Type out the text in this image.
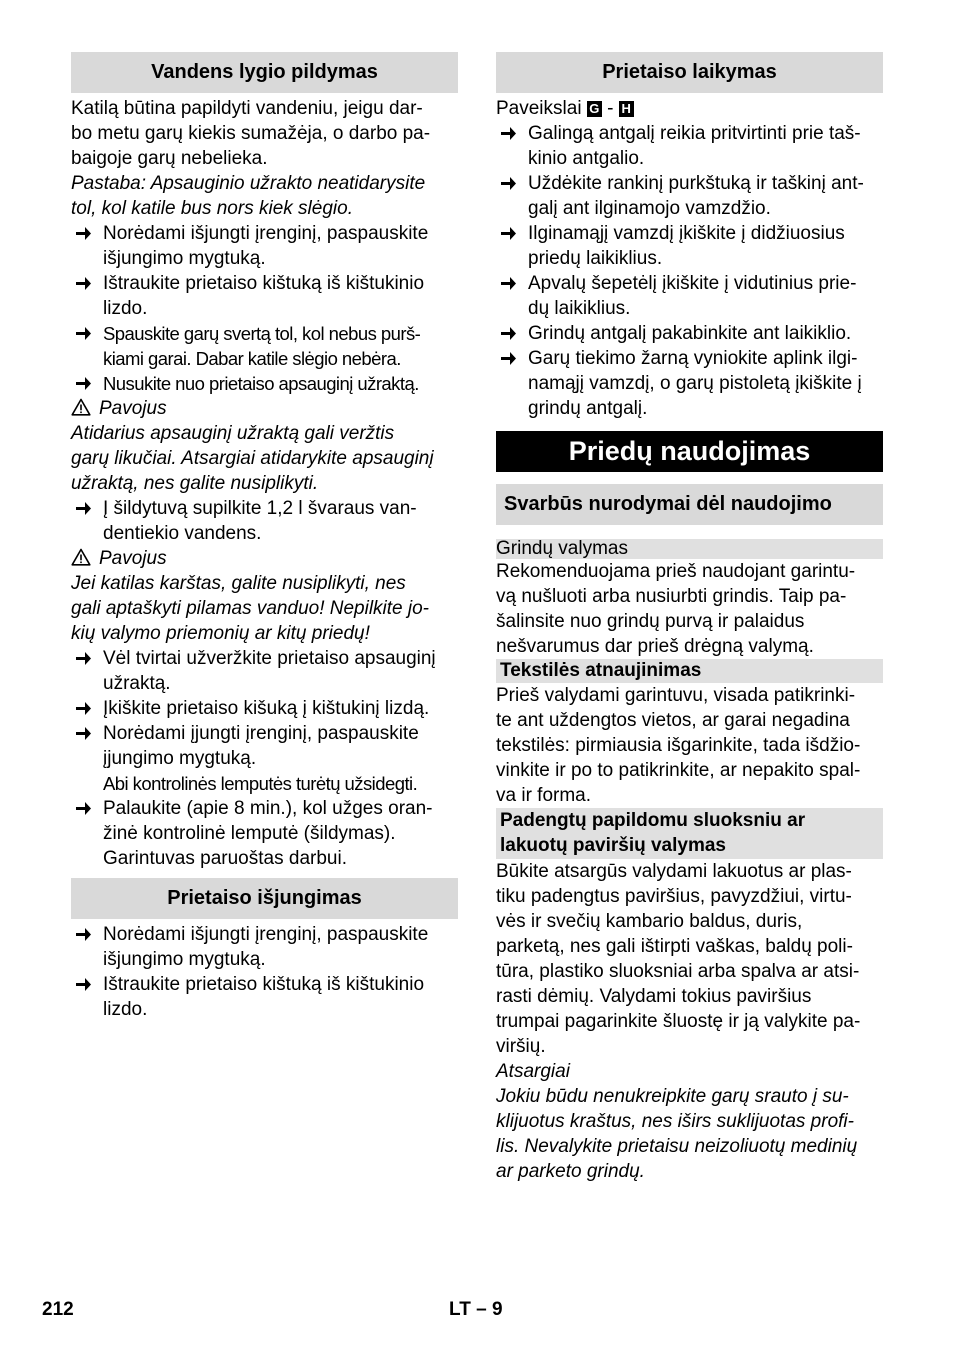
Vandens lygio pildymas

Katilą būtina papildyti vandeniu, jeigu dar-

bo metu garų kiekis sumažėja, o darbo pa-

baigoje garų nebelieka.

Pastaba: Apsauginio užrakto neatidarysite

tol, kol katile bus nors kiek slėgio.

Norėdami išjungti įrenginį, paspauskite
išjungimo mygtuką.
Ištraukite prietaiso kištuką iš kištukinio
lizdo.
Spauskite garų svertą tol, kol nebus purš-
kiami garai. Dabar katile slėgio nebėra.
Nusukite nuo prietaiso apsauginį užraktą.

Pavojus

Atidarius apsauginį užraktą gali veržtis

garų likučiai. Atsargiai atidarykite apsauginį

užraktą, nes galite nusiplikyti.

Į šildytuvą supilkite 1,2 l švaraus van-
dentiekio vandens.

Pavojus

Jei katilas karštas, galite nusiplikyti, nes

gali aptaškyti pilamas vanduo! Nepilkite jo-

kių valymo priemonių ar kitų priedų!

Vėl tvirtai užveržkite prietaiso apsauginį
užraktą.
Įkiškite prietaiso kišuką į kištukinį lizdą.
Norėdami įjungti įrenginį, paspauskite
įjungimo mygtuką.
Abi kontrolinės lemputės turėtų užsidegti.
Palaukite (apie 8 min.), kol užges oran-
žinė kontrolinė lemputė (šildymas).
Garintuvas paruoštas darbui.
Prietaiso išjungimas
Norėdami išjungti įrenginį, paspauskite
išjungimo mygtuką.
Ištraukite prietaiso kištuką iš kištukinio
lizdo.
Prietaiso laikymas

Paveikslai G - H

Galingą antgalį reikia pritvirtinti prie taš-
kinio antgalio.
Uždėkite rankinį purkštuką ir taškinį ant-
galį ant ilginamojo vamzdžio.
Ilginamąjį vamzdį įkiškite į didžiuosius
priedų laikiklius.
Apvalų šepetėlį įkiškite į vidutinius prie-
dų laikiklius.
Grindų antgalį pakabinkite ant laikiklio.
Garų tiekimo žarną vyniokite aplink ilgi-
namąjį vamzdį, o garų pistoletą įkiškite į
grindų antgalį.
Priedų naudojimas
Svarbūs nurodymai dėl naudojimo
Grindų valymas

Rekomenduojama prieš naudojant garintu-

vą nušluoti arba nusiurbti grindis. Taip pa-

šalinsite nuo grindų purvą ir palaidus

nešvarumus dar prieš drėgną valymą.

Tekstilės atnaujinimas

Prieš valydami garintuvu, visada patikrinki-

te ant uždengtos vietos, ar garai negadina

tekstilės: pirmiausia išgarinkite, tada išdžio-

vinkite ir po to patikrinkite, ar nepakito spal-

va ir forma.

Padengtų papildomu sluoksniu ar
lakuotų paviršių valymas

Būkite atsargūs valydami lakuotus ar plas-

tiku padengtus paviršius, pavyzdžiui, virtu-

vės ir svečių kambario baldus, duris,

parketą, nes gali ištirpti vaškas, baldų poli-

tūra, plastiko sluoksniai arba spalva ar atsi-

rasti dėmių. Valydami tokius paviršius

trumpai pagarinkite šluostę ir ją valykite pa-

viršių.

Atsargiai

Jokiu būdu nenukreipkite garų srauto į su-

klijuotus kraštus, nes iširs suklijuotas profi-

lis. Nevalykite prietaisu neizoliuotų medinių

ar parketo grindų.

212	LT – 9
